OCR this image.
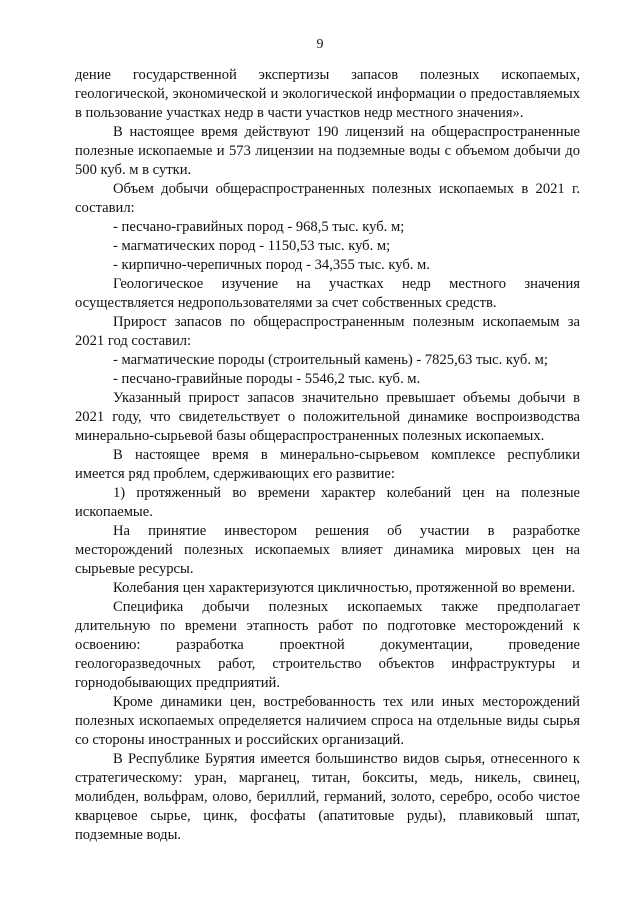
9

дение государственной экспертизы запасов полезных ископаемых, геологической, экономической и экологической информации о предоставляемых в пользование участках недр в части участков недр местного значения».

В настоящее время действуют 190 лицензий на общераспространенные полезные ископаемые и 573 лицензии на подземные воды с объемом добычи до 500 куб. м в сутки.

Объем добычи общераспространенных полезных ископаемых в 2021 г. составил:

- песчано-гравийных пород - 968,5 тыс. куб. м;

- магматических пород - 1150,53 тыс. куб. м;

- кирпично-черепичных пород - 34,355 тыс. куб. м.

Геологическое изучение на участках недр местного значения осуществляется недропользователями за счет собственных средств.

Прирост запасов по общераспространенным полезным ископаемым за 2021 год составил:

- магматические породы (строительный камень) - 7825,63 тыс. куб. м;

- песчано-гравийные породы - 5546,2 тыс. куб. м.

Указанный прирост запасов значительно превышает объемы добычи в 2021 году, что свидетельствует о положительной динамике воспроизводства минерально-сырьевой базы общераспространенных полезных ископаемых.

В настоящее время в минерально-сырьевом комплексе республики имеется ряд проблем, сдерживающих его развитие:

1) протяженный во времени характер колебаний цен на полезные ископаемые.

На принятие инвестором решения об участии в разработке месторождений полезных ископаемых влияет динамика мировых цен на сырьевые ресурсы.

Колебания цен характеризуются цикличностью, протяженной во времени.

Специфика добычи полезных ископаемых также предполагает длительную по времени этапность работ по подготовке месторождений к освоению: разработка проектной документации, проведение геологоразведочных работ, строительство объектов инфраструктуры и горнодобывающих предприятий.

Кроме динамики цен, востребованность тех или иных месторождений полезных ископаемых определяется наличием спроса на отдельные виды сырья со стороны иностранных и российских организаций.

В Республике Бурятия имеется большинство видов сырья, отнесенного к стратегическому: уран, марганец, титан, бокситы, медь, никель, свинец, молибден, вольфрам, олово, бериллий, германий, золото, серебро, особо чистое кварцевое сырье, цинк, фосфаты (апатитовые руды), плавиковый шпат, подземные воды.
